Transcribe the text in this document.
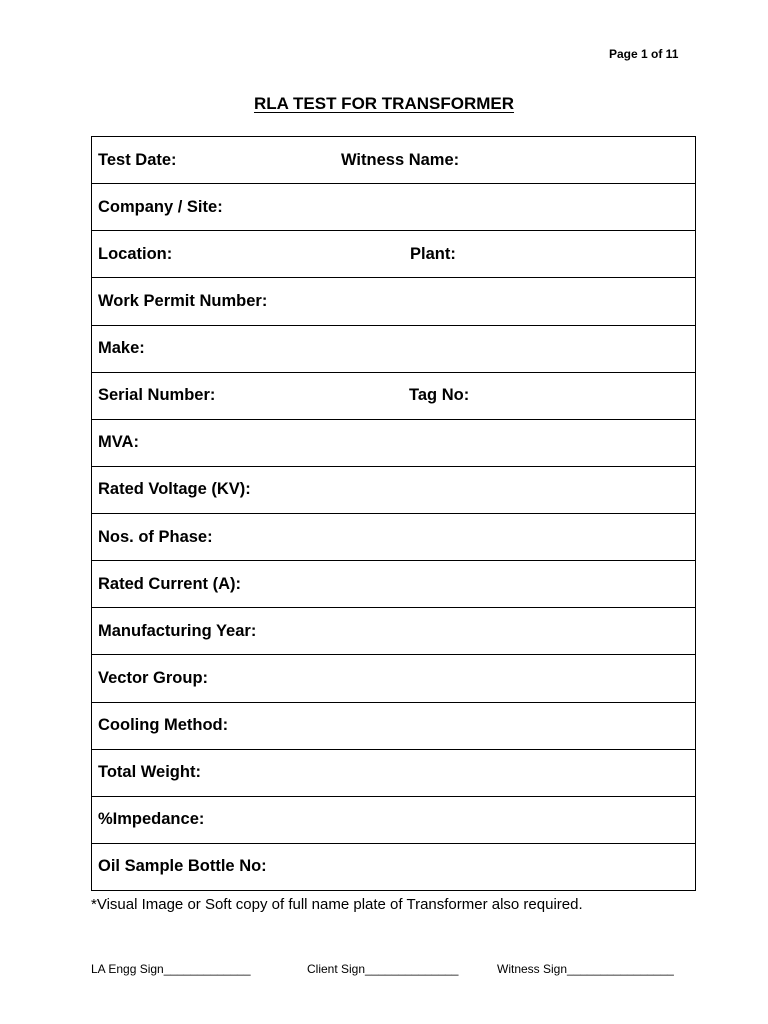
Page 1 of 11
RLA TEST FOR TRANSFORMER
Test Date:	Witness Name:
Company / Site:
Location:	Plant:
Work Permit Number:
Make:
Serial Number:	Tag No:
MVA:
Rated Voltage (KV):
Nos. of Phase:
Rated Current (A):
Manufacturing Year:
Vector Group:
Cooling Method:
Total Weight:
%Impedance:
Oil Sample Bottle No:
*Visual Image or Soft copy of full name plate of Transformer also required.
LA Engg Sign_____________	Client Sign______________	Witness Sign________________
